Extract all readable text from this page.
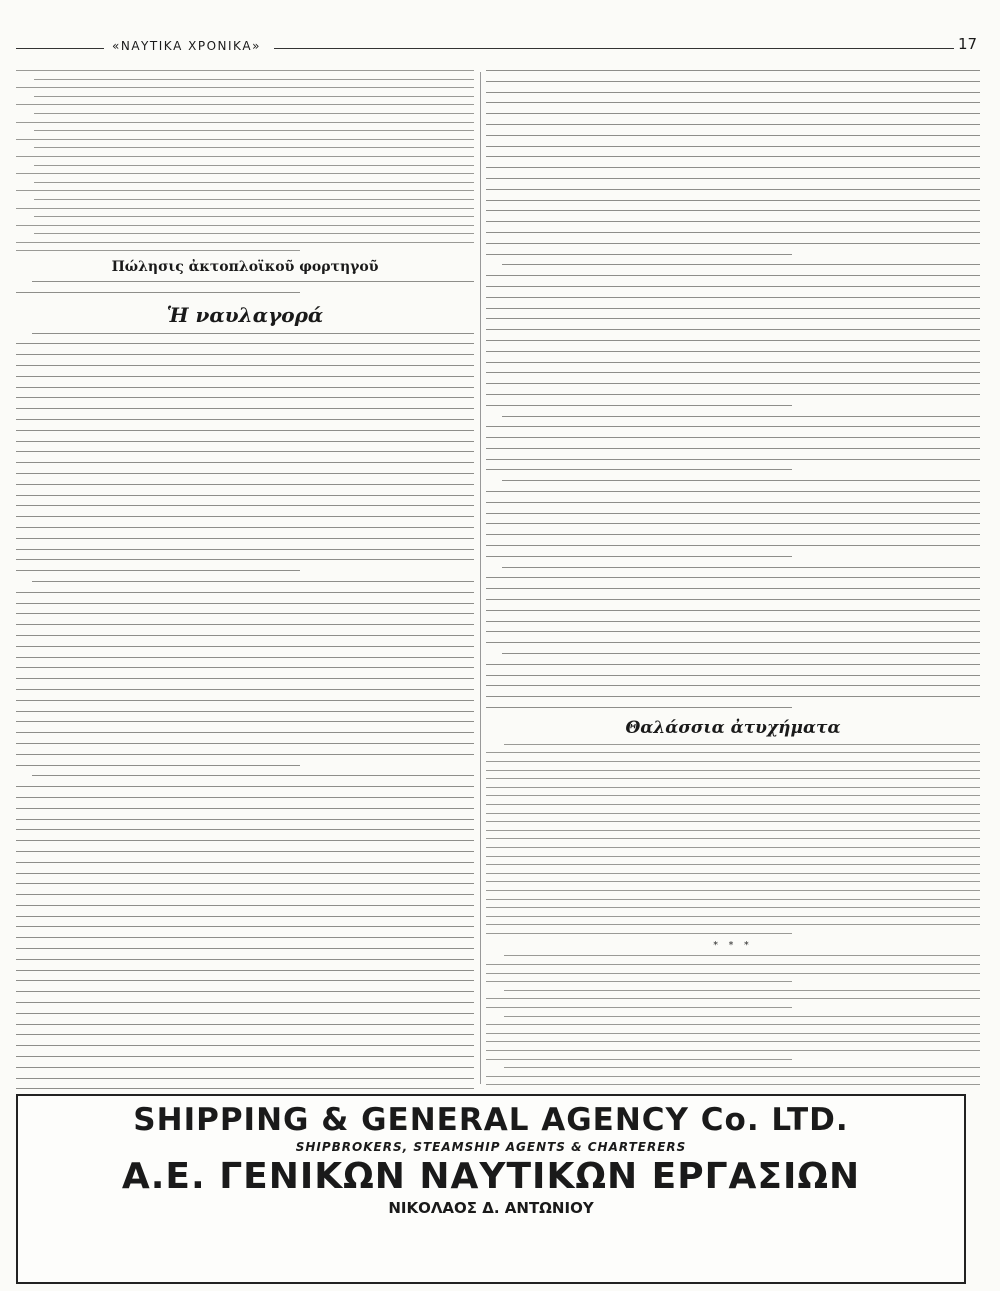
«ΝΑΥΤΙΚΑ ΧΡΟΝΙΚΑ»	17
Πώλησις ἀκτοπλοϊκοῦ φορτηγοῦ
Ἡ ναυλαγορά
Θαλάσσια ἀτυχήματα
* * *
SHIPPING & GENERAL AGENCY Co. LTD.
SHIPBROKERS, STEAMSHIP AGENTS & CHARTERERS
Α.Ε. ΓΕΝΙΚΩΝ ΝΑΥΤΙΚΩΝ ΕΡΓΑΣΙΩΝ
ΝΙΚΟΛΑΟΣ Δ. ΑΝΤΩΝΙΟΥ
